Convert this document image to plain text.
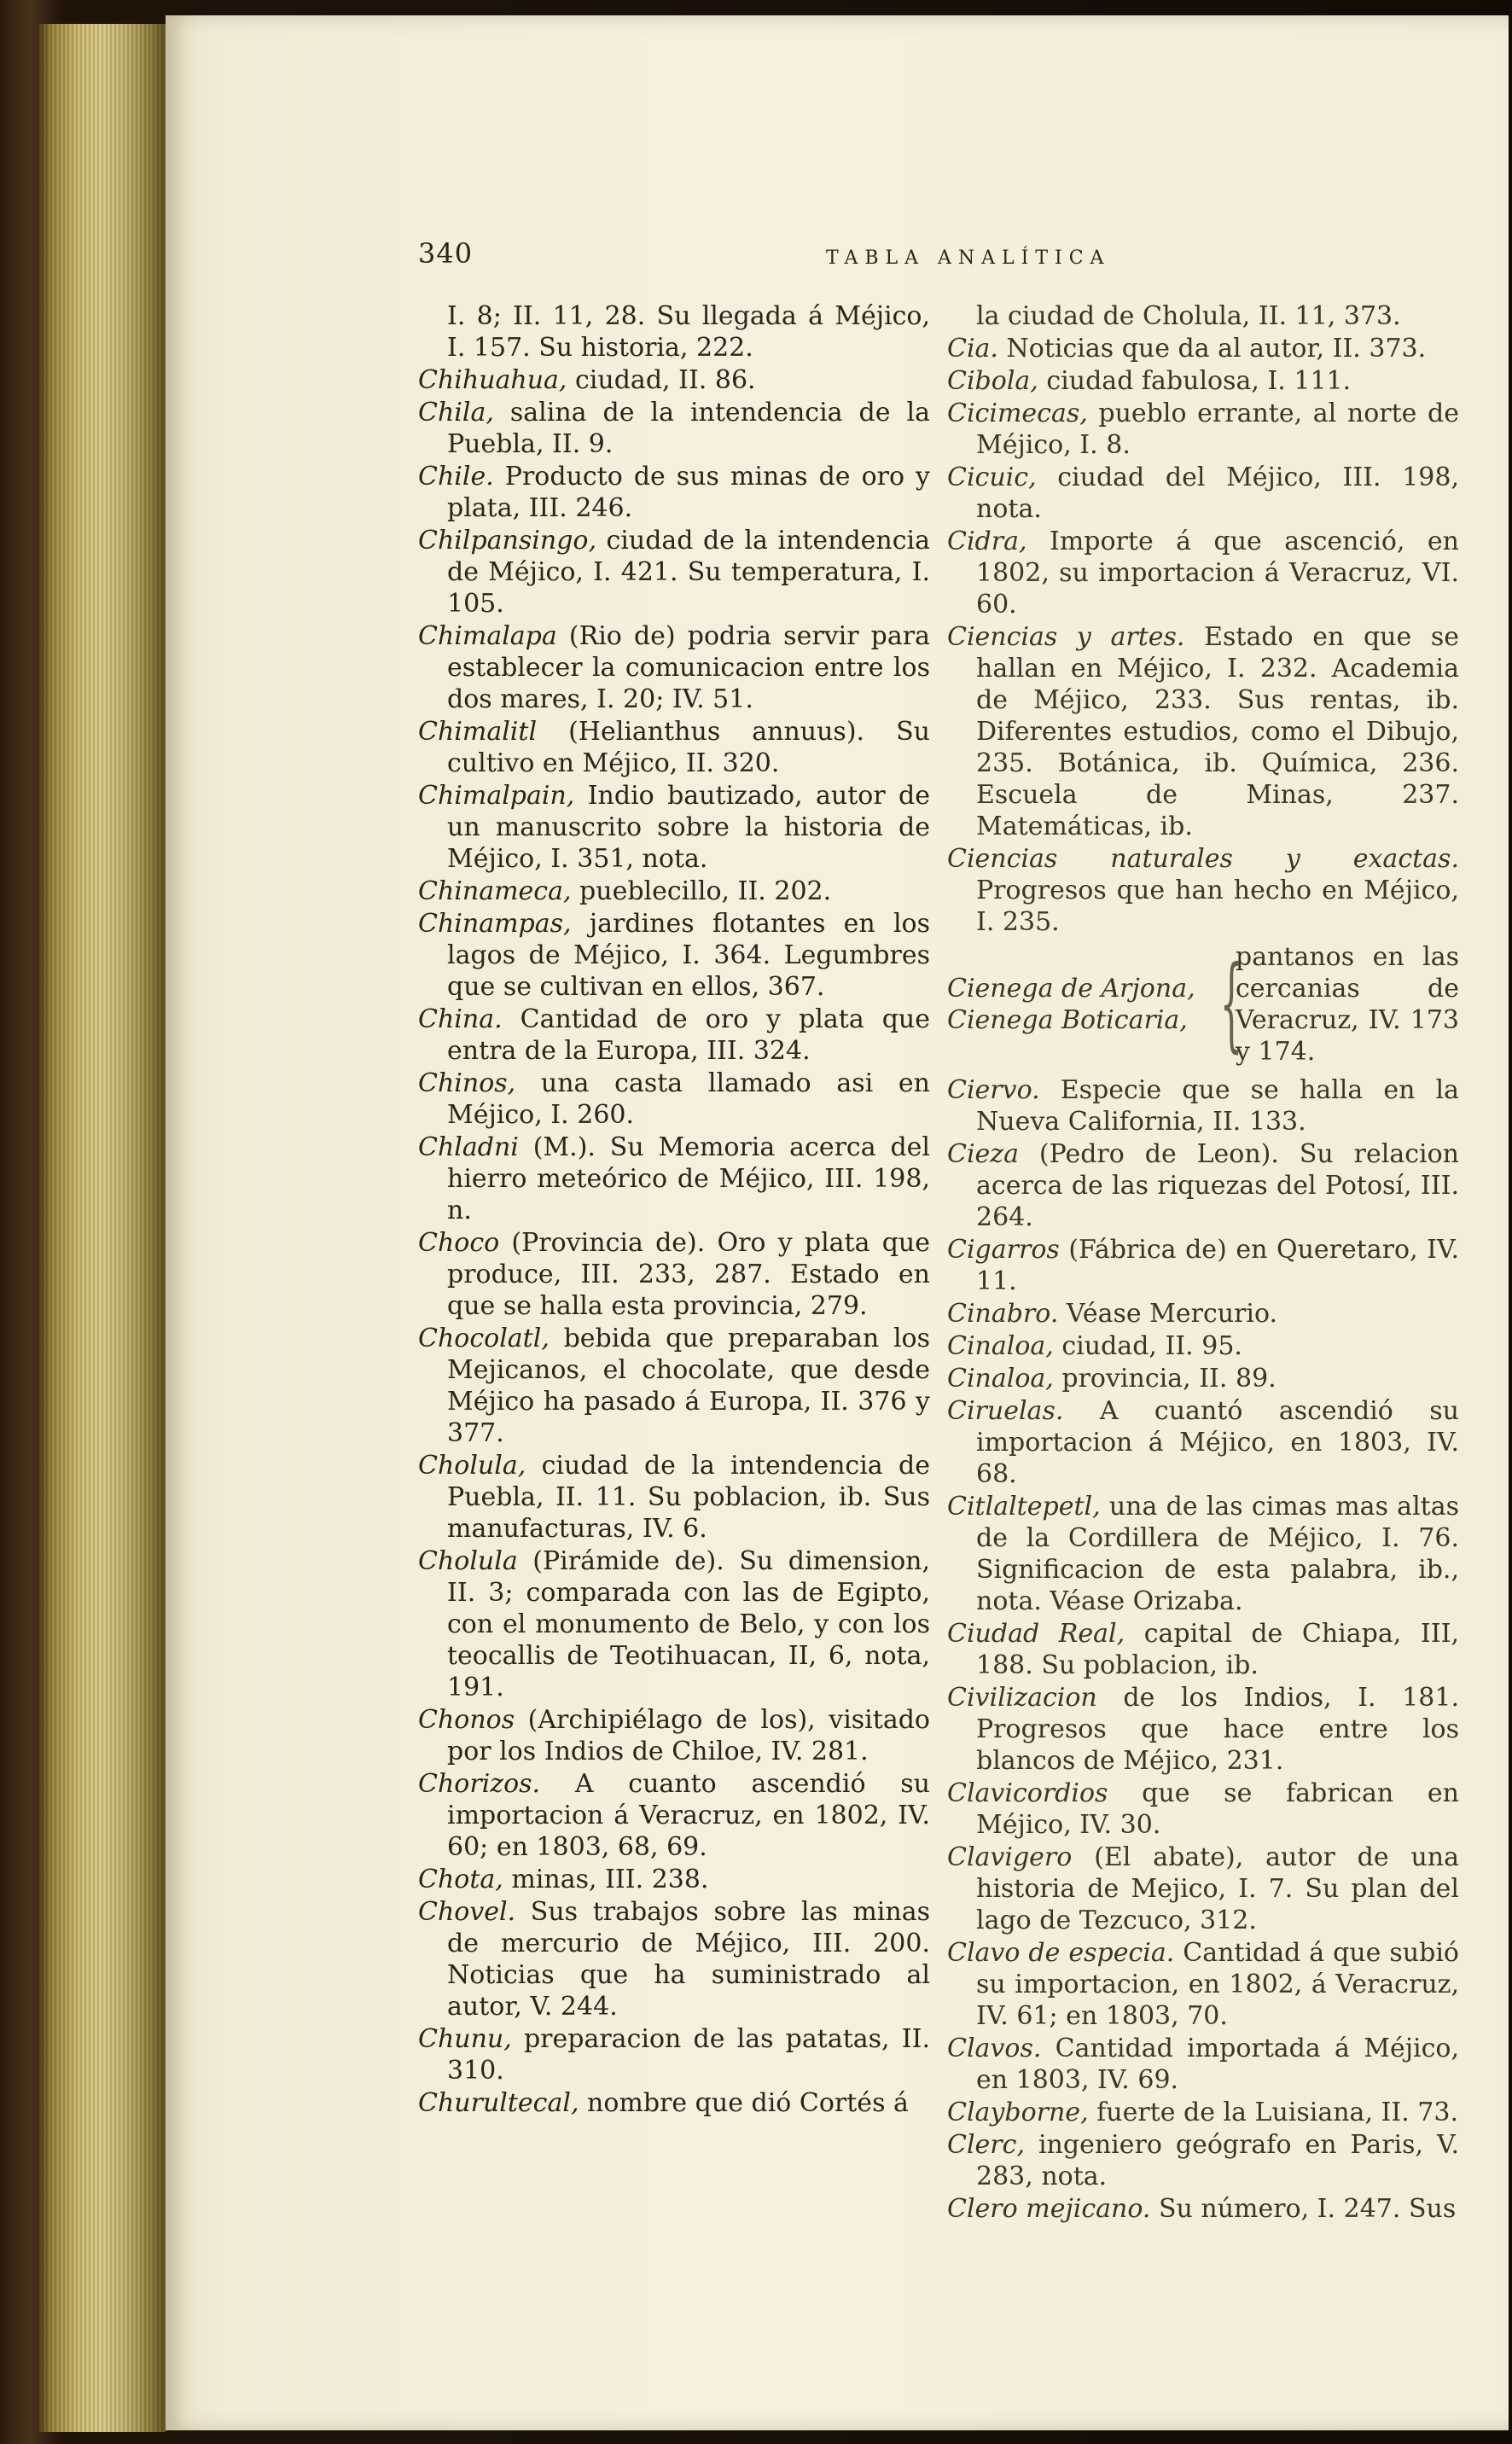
340	TABLA ANALÍTICA
I. 8; II. 11, 28. Su llegada á Méjico, I. 157. Su historia, 222.
Chihuahua, ciudad, II. 86.
Chila, salina de la intendencia de la Puebla, II. 9.
Chile. Producto de sus minas de oro y plata, III. 246.
Chilpansingo, ciudad de la intendencia de Méjico, I. 421. Su temperatura, I. 105.
Chimalapa (Rio de) podria servir para establecer la comunicacion entre los dos mares, I. 20; IV. 51.
Chimalitl (Helianthus annuus). Su cultivo en Méjico, II. 320.
Chimalpain, Indio bautizado, autor de un manuscrito sobre la historia de Méjico, I. 351, nota.
Chinameca, pueblecillo, II. 202.
Chinampas, jardines flotantes en los lagos de Méjico, I. 364. Legumbres que se cultivan en ellos, 367.
China. Cantidad de oro y plata que entra de la Europa, III. 324.
Chinos, una casta llamado asi en Méjico, I. 260.
Chladni (M.). Su Memoria acerca del hierro meteórico de Méjico, III. 198, n.
Choco (Provincia de). Oro y plata que produce, III. 233, 287. Estado en que se halla esta provincia, 279.
Chocolatl, bebida que preparaban los Mejicanos, el chocolate, que desde Méjico ha pasado á Europa, II. 376 y 377.
Cholula, ciudad de la intendencia de Puebla, II. 11. Su poblacion, ib. Sus manufacturas, IV. 6.
Cholula (Pirámide de). Su dimension, II. 3; comparada con las de Egipto, con el monumento de Belo, y con los teocallis de Teotihuacan, II, 6, nota, 191.
Chonos (Archipiélago de los), visitado por los Indios de Chiloe, IV. 281.
Chorizos. A cuanto ascendió su importacion á Veracruz, en 1802, IV. 60; en 1803, 68, 69.
Chota, minas, III. 238.
Chovel. Sus trabajos sobre las minas de mercurio de Méjico, III. 200. Noticias que ha suministrado al autor, V. 244.
Chunu, preparacion de las patatas, II. 310.
Churultecal, nombre que dió Cortés á
la ciudad de Cholula, II. 11, 373.
Cia. Noticias que da al autor, II. 373.
Cibola, ciudad fabulosa, I. 111.
Cicimecas, pueblo errante, al norte de Méjico, I. 8.
Cicuic, ciudad del Méjico, III. 198, nota.
Cidra, Importe á que ascenció, en 1802, su importacion á Veracruz, VI. 60.
Ciencias y artes. Estado en que se hallan en Méjico, I. 232. Academia de Méjico, 233. Sus rentas, ib. Diferentes estudios, como el Dibujo, 235. Botánica, ib. Química, 236. Escuela de Minas, 237. Matemáticas, ib.
Ciencias naturales y exactas. Progresos que han hecho en Méjico, I. 235.
Cienega de Arjona,
Cienega Boticaria, {
pantanos en las cercanias de Veracruz, IV. 173 y 174.
Ciervo. Especie que se halla en la Nueva California, II. 133.
Cieza (Pedro de Leon). Su relacion acerca de las riquezas del Potosí, III. 264.
Cigarros (Fábrica de) en Queretaro, IV. 11.
Cinabro. Véase Mercurio.
Cinaloa, ciudad, II. 95.
Cinaloa, provincia, II. 89.
Ciruelas. A cuantó ascendió su importacion á Méjico, en 1803, IV. 68.
Citlaltepetl, una de las cimas mas altas de la Cordillera de Méjico, I. 76. Significacion de esta palabra, ib., nota. Véase Orizaba.
Ciudad Real, capital de Chiapa, III, 188. Su poblacion, ib.
Civilizacion de los Indios, I. 181. Progresos que hace entre los blancos de Méjico, 231.
Clavicordios que se fabrican en Méjico, IV. 30.
Clavigero (El abate), autor de una historia de Mejico, I. 7. Su plan del lago de Tezcuco, 312.
Clavo de especia. Cantidad á que subió su importacion, en 1802, á Veracruz, IV. 61; en 1803, 70.
Clavos. Cantidad importada á Méjico, en 1803, IV. 69.
Clayborne, fuerte de la Luisiana, II. 73.
Clerc, ingeniero geógrafo en Paris, V. 283, nota.
Clero mejicano. Su número, I. 247. Sus
